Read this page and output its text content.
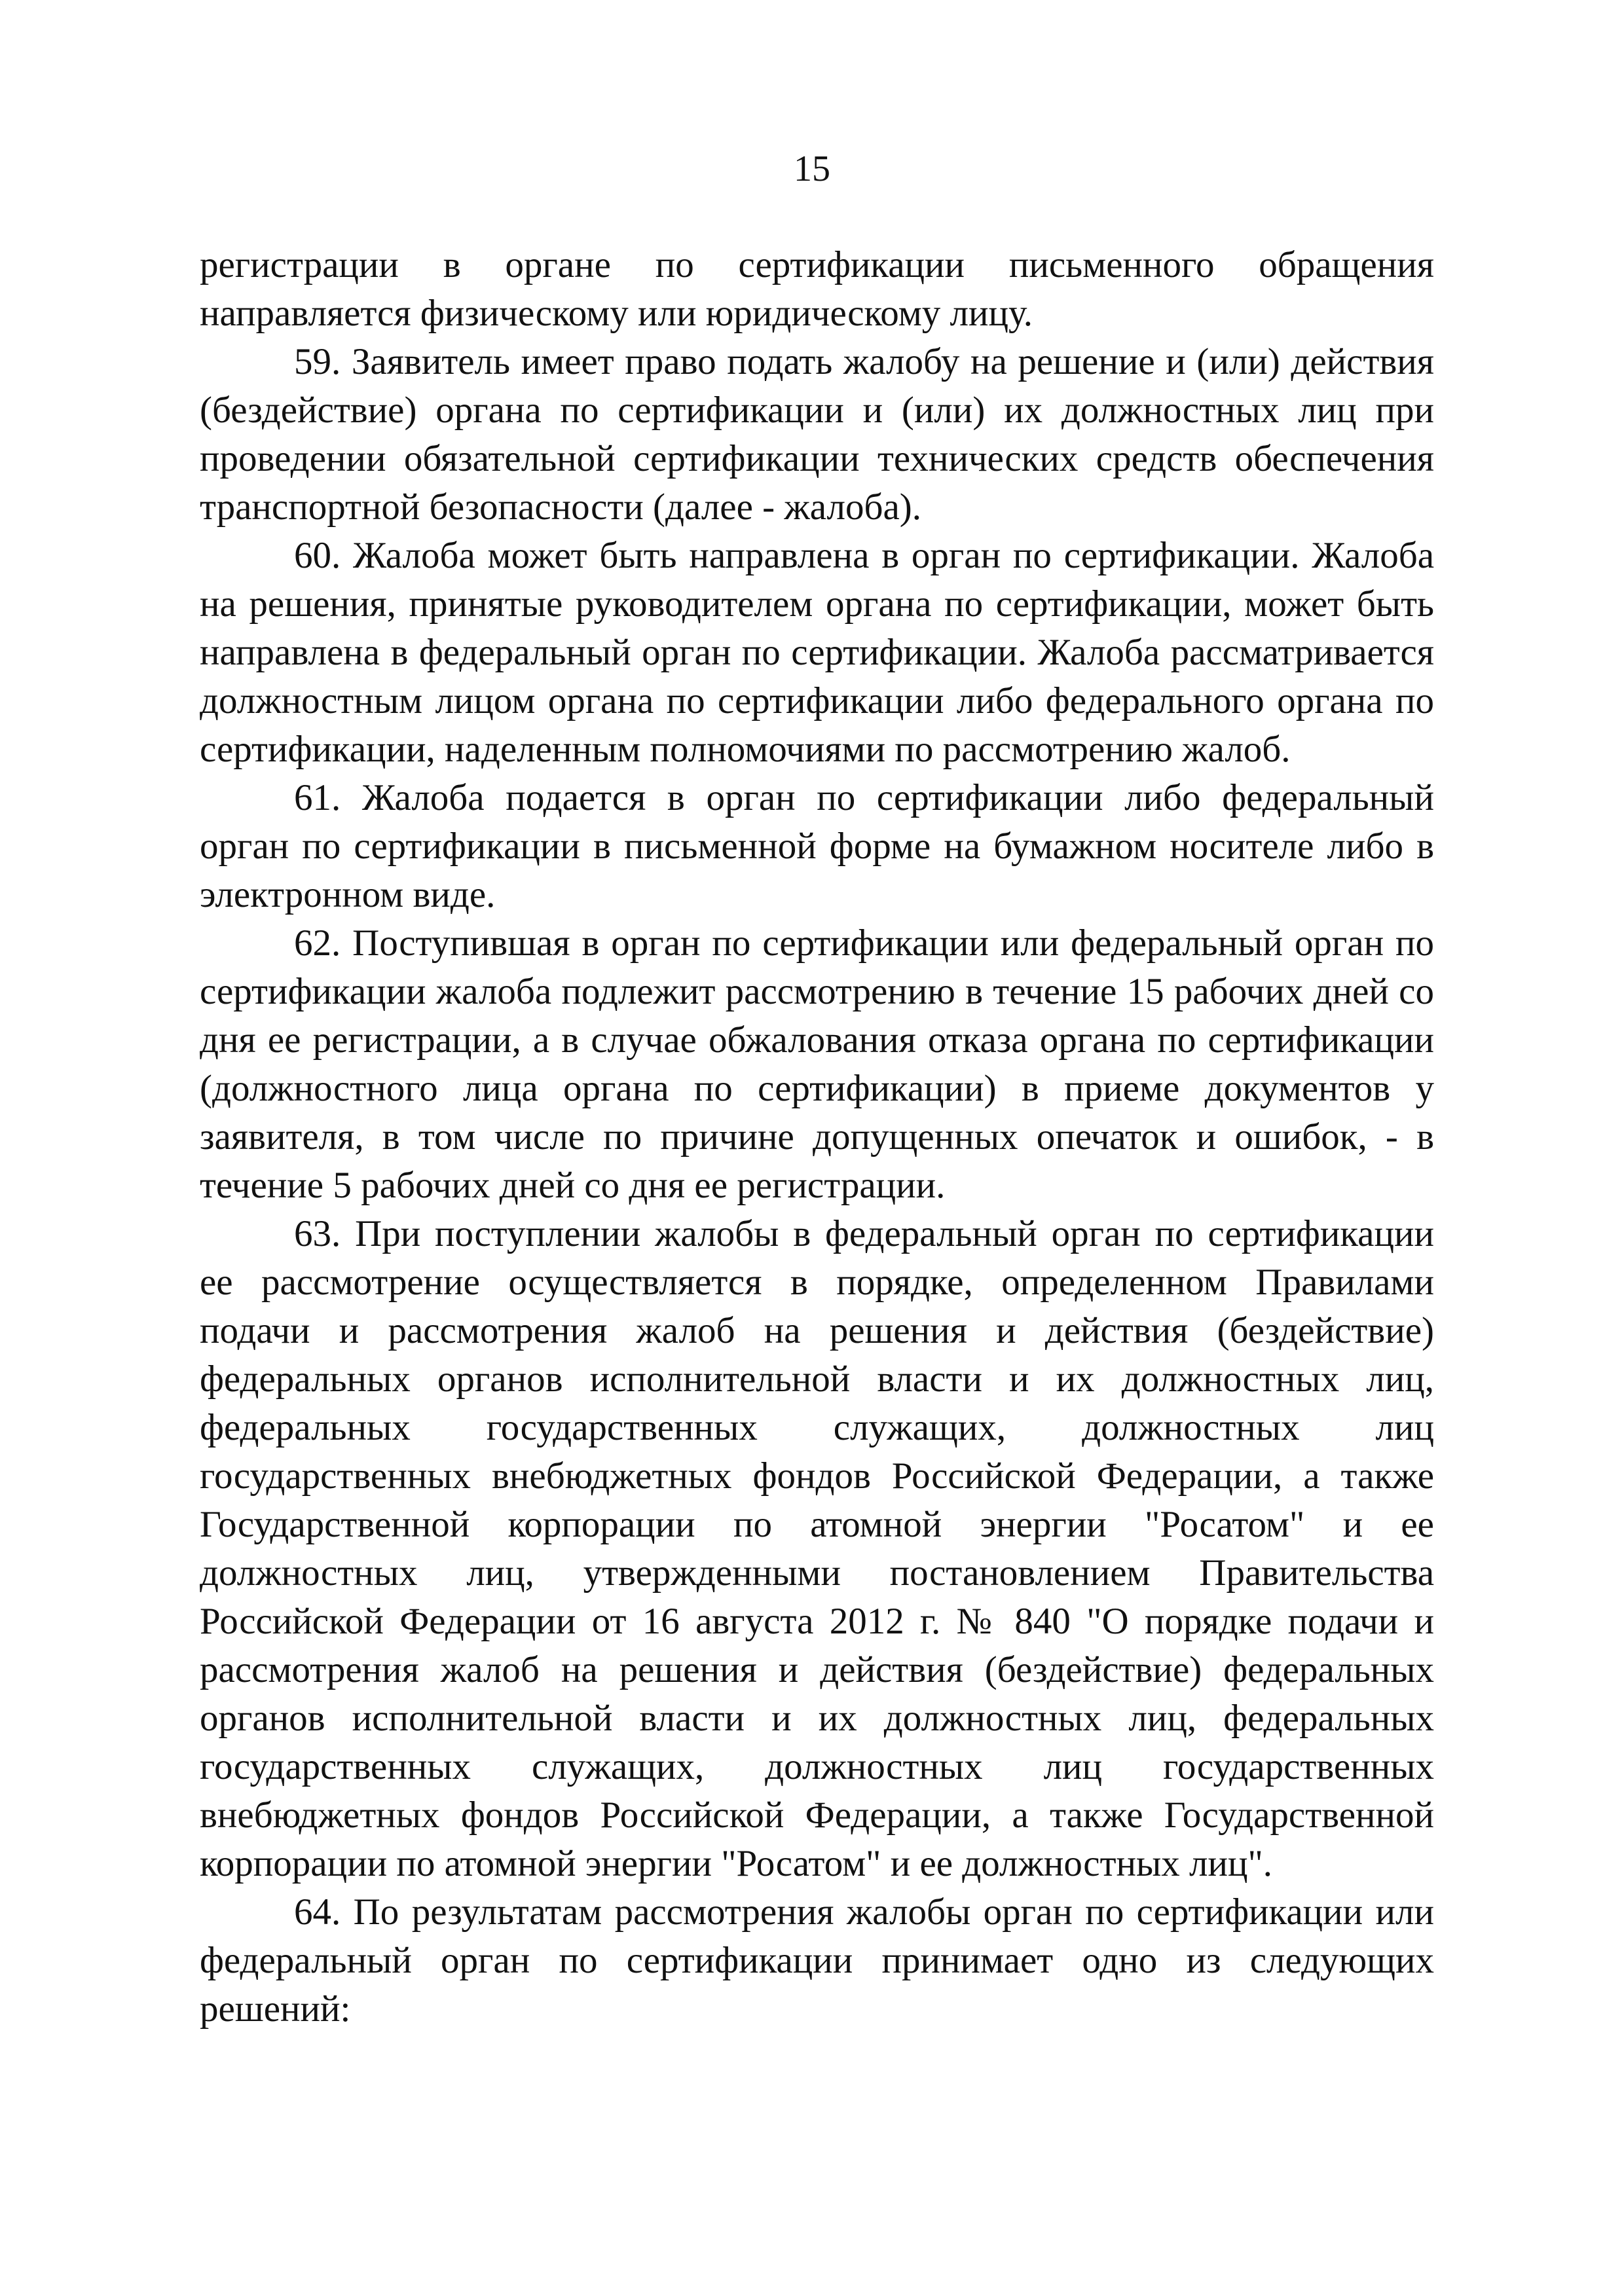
15

регистрации в органе по сертификации письменного обращения направляется физическому или юридическому лицу.

59. Заявитель имеет право подать жалобу на решение и (или) действия (бездействие) органа по сертификации и (или) их должностных лиц при проведении обязательной сертификации технических средств обеспечения транспортной безопасности (далее - жалоба).

60. Жалоба может быть направлена в орган по сертификации. Жалоба на решения, принятые руководителем органа по сертификации, может быть направлена в федеральный орган по сертификации. Жалоба рассматривается должностным лицом органа по сертификации либо федерального органа по сертификации, наделенным полномочиями по рассмотрению жалоб.

61. Жалоба подается в орган по сертификации либо федеральный орган по сертификации в письменной форме на бумажном носителе либо в электронном виде.

62. Поступившая в орган по сертификации или федеральный орган по сертификации жалоба подлежит рассмотрению в течение 15 рабочих дней со дня ее регистрации, а в случае обжалования отказа органа по сертификации (должностного лица органа по сертификации) в приеме документов у заявителя, в том числе по причине допущенных опечаток и ошибок, - в течение 5 рабочих дней со дня ее регистрации.

63. При поступлении жалобы в федеральный орган по сертификации ее рассмотрение осуществляется в порядке, определенном Правилами подачи и рассмотрения жалоб на решения и действия (бездействие) федеральных органов исполнительной власти и их должностных лиц, федеральных государственных служащих, должностных лиц государственных внебюджетных фондов Российской Федерации, а также Государственной корпорации по атомной энергии "Росатом" и ее должностных лиц, утвержденными постановлением Правительства Российской Федерации от 16 августа 2012 г. № 840 "О порядке подачи и рассмотрения жалоб на решения и действия (бездействие) федеральных органов исполнительной власти и их должностных лиц, федеральных государственных служащих, должностных лиц государственных внебюджетных фондов Российской Федерации, а также Государственной корпорации по атомной энергии "Росатом" и ее должностных лиц".

64. По результатам рассмотрения жалобы орган по сертификации или федеральный орган по сертификации принимает одно из следующих решений:
